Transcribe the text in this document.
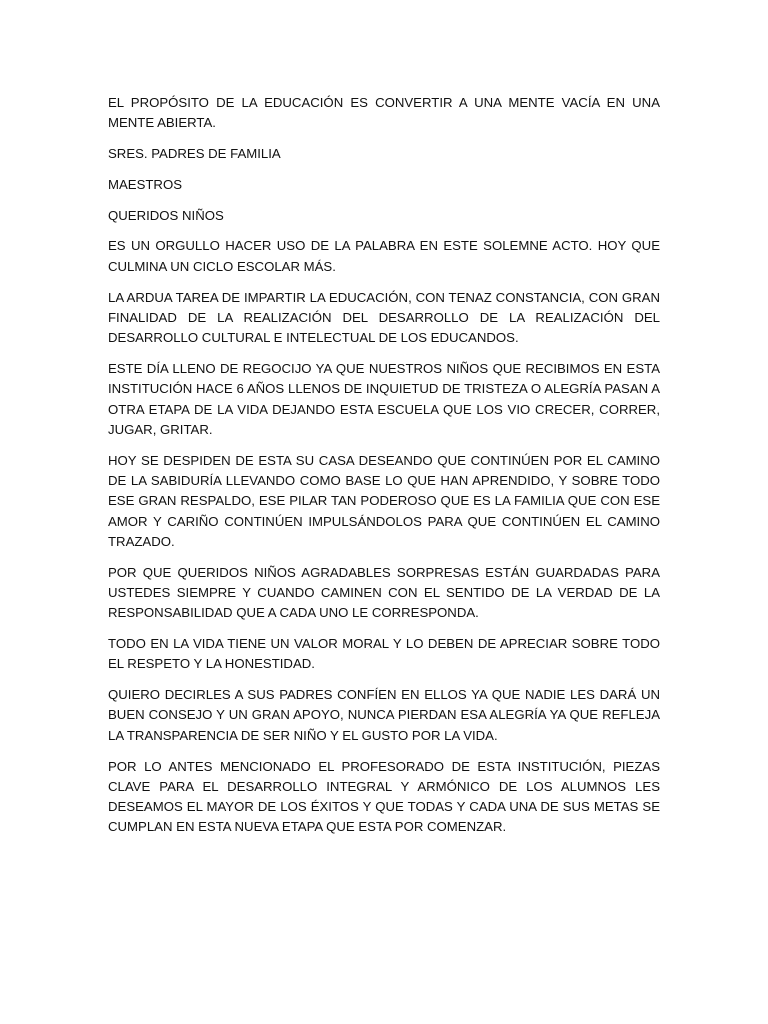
EL PROPÓSITO DE LA EDUCACIÓN ES CONVERTIR A UNA MENTE VACÍA EN UNA MENTE ABIERTA.

SRES. PADRES DE FAMILIA

MAESTROS

QUERIDOS NIÑOS

ES UN ORGULLO HACER USO DE LA PALABRA EN ESTE SOLEMNE ACTO. HOY QUE CULMINA UN CICLO ESCOLAR MÁS.

LA ARDUA TAREA DE IMPARTIR LA EDUCACIÓN, CON TENAZ CONSTANCIA, CON GRAN FINALIDAD DE LA REALIZACIÓN DEL DESARROLLO DE LA REALIZACIÓN DEL DESARROLLO CULTURAL E INTELECTUAL DE LOS EDUCANDOS.

ESTE DÍA LLENO DE REGOCIJO YA QUE NUESTROS NIÑOS QUE RECIBIMOS EN ESTA INSTITUCIÓN HACE 6 AÑOS LLENOS DE INQUIETUD DE TRISTEZA O ALEGRÍA PASAN A OTRA ETAPA DE LA VIDA DEJANDO ESTA ESCUELA QUE LOS VIO CRECER, CORRER, JUGAR, GRITAR.

HOY SE DESPIDEN DE ESTA SU CASA DESEANDO QUE CONTINÚEN POR EL CAMINO DE LA SABIDURÍA LLEVANDO COMO BASE LO QUE HAN APRENDIDO, Y SOBRE TODO ESE GRAN RESPALDO, ESE PILAR TAN PODEROSO QUE ES LA FAMILIA QUE CON ESE AMOR Y CARIÑO CONTINÚEN IMPULSÁNDOLOS PARA QUE CONTINÚEN EL CAMINO TRAZADO.

POR QUE QUERIDOS NIÑOS AGRADABLES SORPRESAS ESTÁN GUARDADAS PARA USTEDES SIEMPRE Y CUANDO CAMINEN CON EL SENTIDO DE LA VERDAD DE LA RESPONSABILIDAD QUE A CADA UNO LE CORRESPONDA.

TODO EN LA VIDA TIENE UN VALOR MORAL Y LO DEBEN DE APRECIAR SOBRE TODO EL RESPETO Y LA HONESTIDAD.

QUIERO DECIRLES A SUS PADRES CONFÍEN EN ELLOS YA QUE NADIE LES DARÁ UN BUEN CONSEJO Y UN GRAN APOYO, NUNCA PIERDAN ESA ALEGRÍA YA QUE REFLEJA LA TRANSPARENCIA DE SER NIÑO Y EL GUSTO POR LA VIDA.

POR LO ANTES MENCIONADO EL PROFESORADO DE ESTA INSTITUCIÓN, PIEZAS CLAVE PARA EL DESARROLLO INTEGRAL Y ARMÓNICO DE LOS ALUMNOS LES DESEAMOS EL MAYOR DE LOS ÉXITOS Y QUE TODAS Y CADA UNA DE SUS METAS SE CUMPLAN EN ESTA NUEVA ETAPA QUE ESTA POR COMENZAR.
